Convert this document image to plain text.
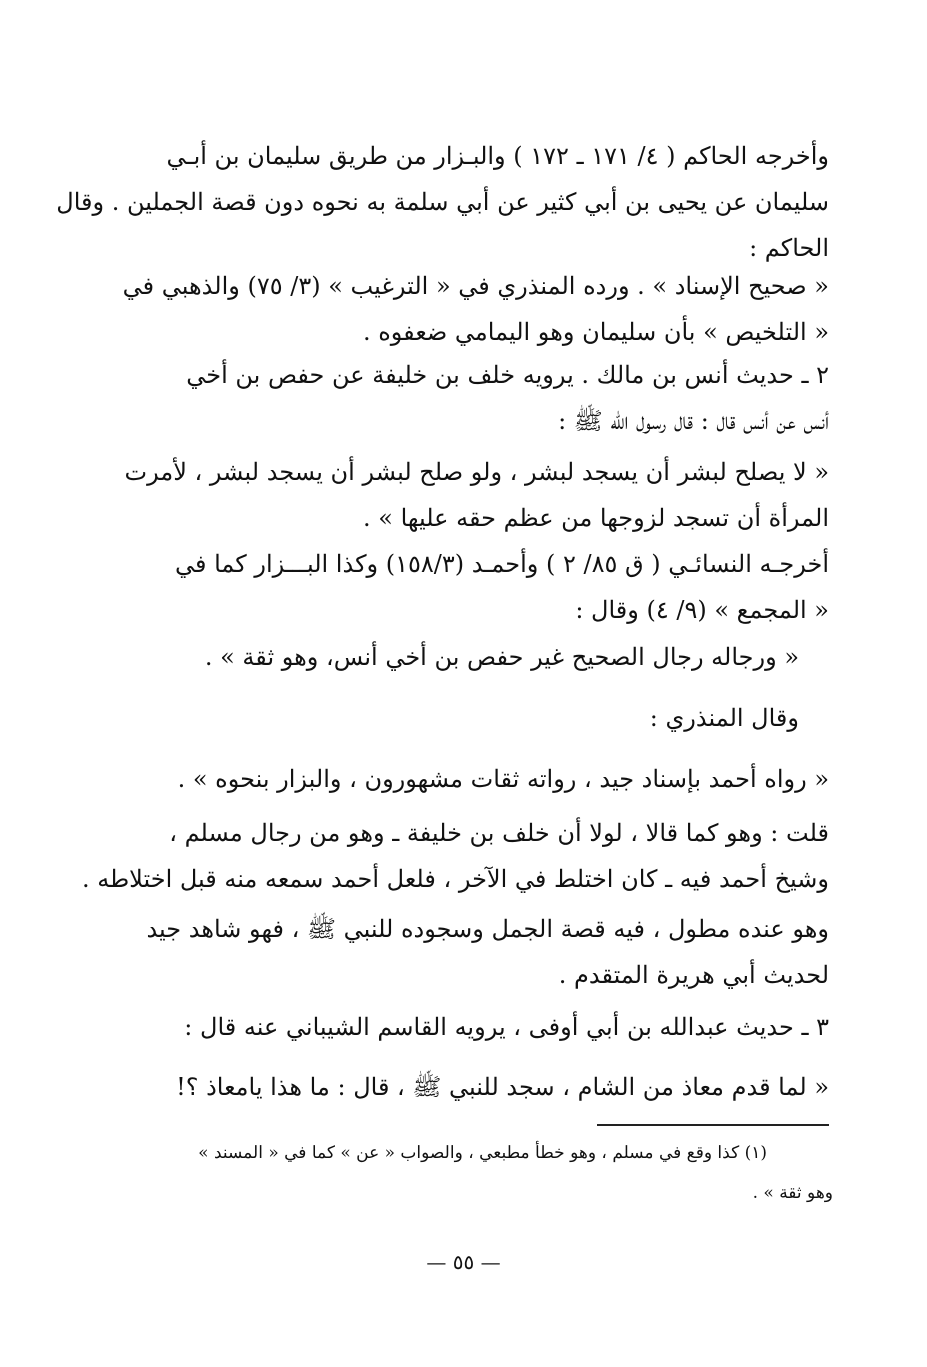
وأخرجه الحاكم ( ٤/ ١٧١ ـ ١٧٢ ) والبـزار من طريق سليمان بن أبـي
سليمان عن يحيى بن أبي كثير عن أبي سلمة به نحوه دون قصة الجملين . وقال
الحاكم :
« صحيح الإسناد » . ورده المنذري في « الترغيب » (٣/ ٧٥) والذهبي في
« التلخيص » بأن سليمان وهو اليمامي ضعفوه .
٢ ـ حديث أنس بن مالك . يرويه خلف بن خليفة عن حفص بن أخي
أنس عن أنس قال : قال رسول الله ﷺ :
« لا يصلح لبشر أن يسجد لبشر ، ولو صلح لبشر أن يسجد لبشر ، لأمرت
المرأة أن تسجد لزوجها من عظم حقه عليها » .
أخرجـه النسائـي ( ق ٨٥/ ٢ ) وأحمـد (١٥٨/٣) وكذا البـــزار كما في
« المجمع » (٩/ ٤) وقال :
« ورجاله رجال الصحيح غير حفص بن أخي أنس، وهو ثقة » .
وقال المنذري :
« رواه أحمد بإسناد جيد ، رواته ثقات مشهورون ، والبزار بنحوه » .
قلت : وهو كما قالا ، لولا أن خلف بن خليفة ـ وهو من رجال مسلم ،
وشيخ أحمد فيه ـ كان اختلط في الآخر ، فلعل أحمد سمعه منه قبل اختلاطه .
وهو عنده مطول ، فيه قصة الجمل وسجوده للنبي ﷺ ، فهو شاهد جيد
لحديث أبي هريرة المتقدم .
٣ ـ حديث عبدالله بن أبي أوفى ، يرويه القاسم الشيباني عنه قال :
« لما قدم معاذ من الشام ، سجد للنبي ﷺ ، قال : ما هذا يامعاذ ؟!
(١) كذا وقع في مسلم ، وهو خطأ مطبعي ، والصواب « عن » كما في « المسند »
وهو ثقة » .
— ٥٥ —
